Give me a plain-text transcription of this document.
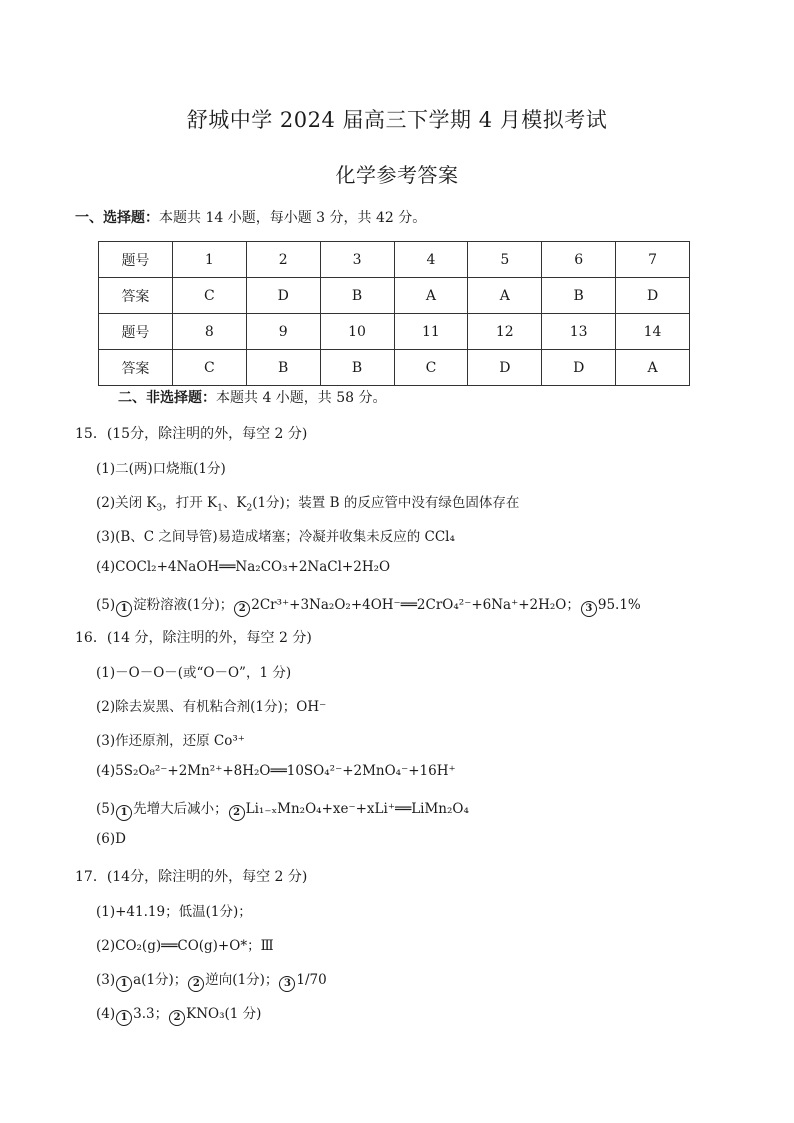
舒城中学 2024 届高三下学期 4 月模拟考试
化学参考答案
一、选择题：本题共 14 小题，每小题 3 分，共 42 分。
题号	1	2	3	4	5	6	7
答案	C	D	B	A	A	B	D
题号	8	9	10	11	12	13	14
答案	C	B	B	C	D	D	A
二、非选择题：本题共 4 小题，共 58 分。
15．(15分，除注明的外，每空 2 分)
(1)二(两)口烧瓶(1分)
(2)关闭 $K_3$，打开 $K_1$、$K_2(1$分)；装置 B 的反应管中没有绿色固体存在
(3)(B、C 之间导管)易造成堵塞；冷凝并收集未反应的 CCl₄
(4)COCl₂+4NaOH══Na₂CO₃+2NaCl+2H₂O
(5) 1 淀粉溶液(1分)； 2 2Cr³⁺+3Na₂O₂+4OH⁻══2CrO₄²⁻+6Na⁺+2H₂O； 3 95.1%
16．(14 分，除注明的外，每空 2 分)
(1)－O－O－(或“O－O”，1 分)
(2)除去炭黑、有机粘合剂(1分)；OH⁻
(3)作还原剂，还原 Co³⁺
(4)5S₂O₈²⁻+2Mn²⁺+8H₂O══10SO₄²⁻+2MnO₄⁻+16H⁺
(5) 1 先增大后减小； 2 Li₁₋ₓMn₂O₄+xe⁻+xLi⁺══LiMn₂O₄
(6)D
17．(14分，除注明的外，每空 2 分)
(1)+41.19；低温(1分)；
(2)CO₂(g)══CO(g)+O*；Ⅲ
(3) 1 a(1分)； 2 逆向(1分)； 3 1/70
(4) 1 3.3； 2 KNO₃(1 分)
